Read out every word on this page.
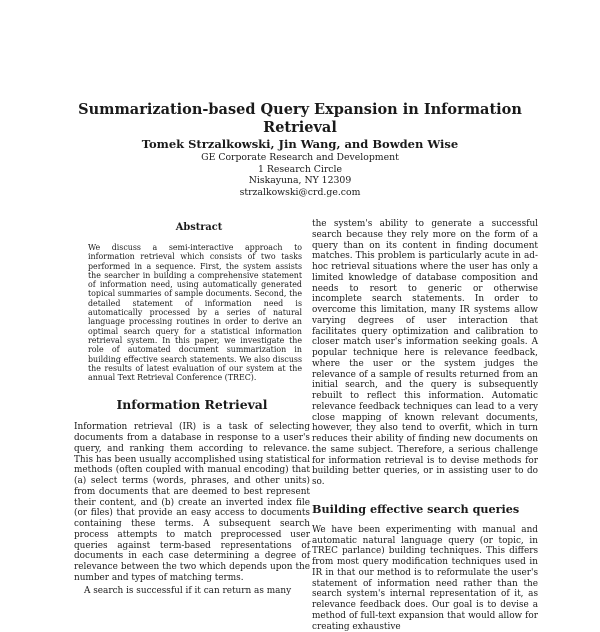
Summarization-based Query Expansion in Information Retrieval
Tomek Strzalkowski, Jin Wang, and Bowden Wise
GE Corporate Research and Development
1 Research Circle
Niskayuna, NY 12309
strzalkowski@crd.ge.com
Abstract
We discuss a semi-interactive approach to information retrieval which consists of two tasks performed in a sequence. First, the system assists the searcher in building a comprehensive statement of information need, using automatically generated topical summaries of sample documents. Second, the detailed statement of information need is automatically processed by a series of natural language processing routines in order to derive an optimal search query for a statistical information retrieval system. In this paper, we investigate the role of automated document summarization in building effective search statements. We also discuss the results of latest evaluation of our system at the annual Text Retrieval Conference (TREC).
Information Retrieval
Information retrieval (IR) is a task of selecting documents from a database in response to a user's query, and ranking them according to relevance. This has been usually accomplished using statistical methods (often coupled with manual encoding) that (a) select terms (words, phrases, and other units) from documents that are deemed to best represent their content, and (b) create an inverted index file (or files) that provide an easy access to documents containing these terms. A subsequent search process attempts to match preprocessed user queries against term-based representations of documents in each case determining a degree of relevance between the two which depends upon the number and types of matching terms.
A search is successful if it can return as many
the system's ability to generate a successful search because they rely more on the form of a query than on its content in finding document matches. This problem is particularly acute in ad-hoc retrieval situations where the user has only a limited knowledge of database composition and needs to resort to generic or otherwise incomplete search statements. In order to overcome this limitation, many IR systems allow varying degrees of user interaction that facilitates query optimization and calibration to closer match user's information seeking goals. A popular technique here is relevance feedback, where the user or the system judges the relevance of a sample of results returned from an initial search, and the query is subsequently rebuilt to reflect this information. Automatic relevance feedback techniques can lead to a very close mapping of known relevant documents, however, they also tend to overfit, which in turn reduces their ability of finding new documents on the same subject. Therefore, a serious challenge for information retrieval is to devise methods for building better queries, or in assisting user to do so.
Building effective search queries
We have been experimenting with manual and automatic natural language query (or topic, in TREC parlance) building techniques. This differs from most query modification techniques used in IR in that our method is to reformulate the user's statement of information need rather than the search system's internal representation of it, as relevance feedback does. Our goal is to devise a method of full-text expansion that would allow for creating exhaustive
